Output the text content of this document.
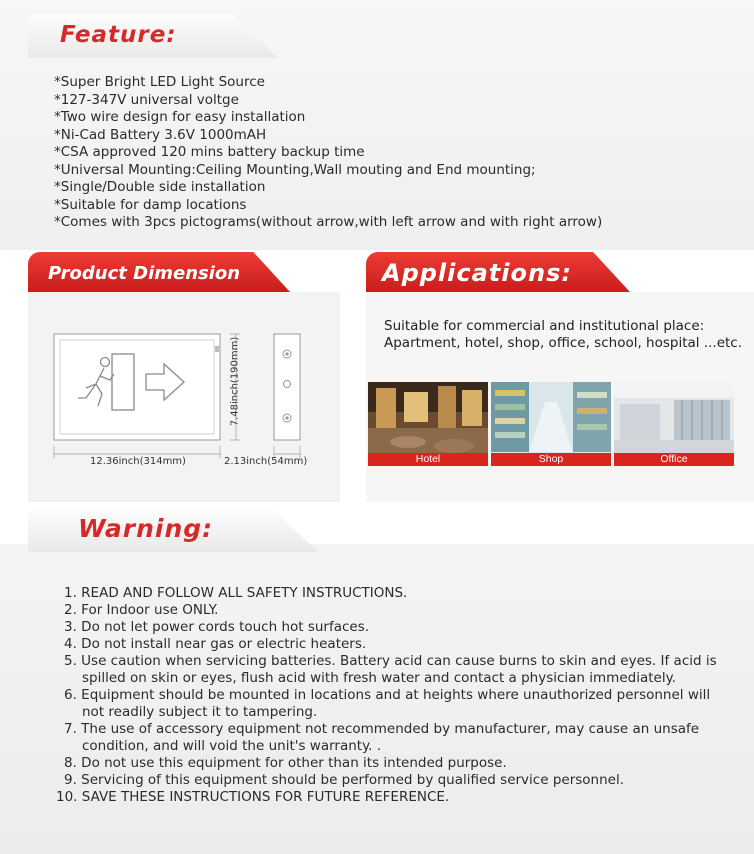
Feature:
*Super Bright LED Light Source
*127-347V universal voltge
*Two wire design for easy installation
*Ni-Cad Battery 3.6V 1000mAH
*CSA approved 120 mins battery backup time
*Universal Mounting:Ceiling Mounting,Wall mouting and End mounting;
*Single/Double side installation
*Suitable for damp locations
*Comes with 3pcs pictograms(without arrow,with left arrow and with right arrow)
Product Dimension
12.36inch(314mm)	2.13inch(54mm)
7.48inch(190mm)
Applications:
Suitable for commercial and institutional place: Apartment, hotel, shop, office, school, hospital ...etc.
Hotel	Shop	Office
Warning:
1. READ AND FOLLOW ALL SAFETY INSTRUCTIONS.
2. For Indoor use ONLY.
3. Do not let power cords touch hot surfaces.
4. Do not install near gas or electric heaters.
5. Use caution when servicing batteries. Battery acid can cause burns to skin and eyes. If acid is spilled on skin or eyes, flush acid with fresh water and contact a physician immediately.
6. Equipment should be mounted in locations and at heights where unauthorized personnel will not readily subject it to tampering.
7. The use of accessory equipment not recommended by manufacturer, may cause an unsafe condition, and will void the unit's warranty. .
8. Do not use this equipment for other than its intended purpose.
9. Servicing of this equipment should be performed by qualified service personnel.
10. SAVE THESE INSTRUCTIONS FOR FUTURE REFERENCE.
